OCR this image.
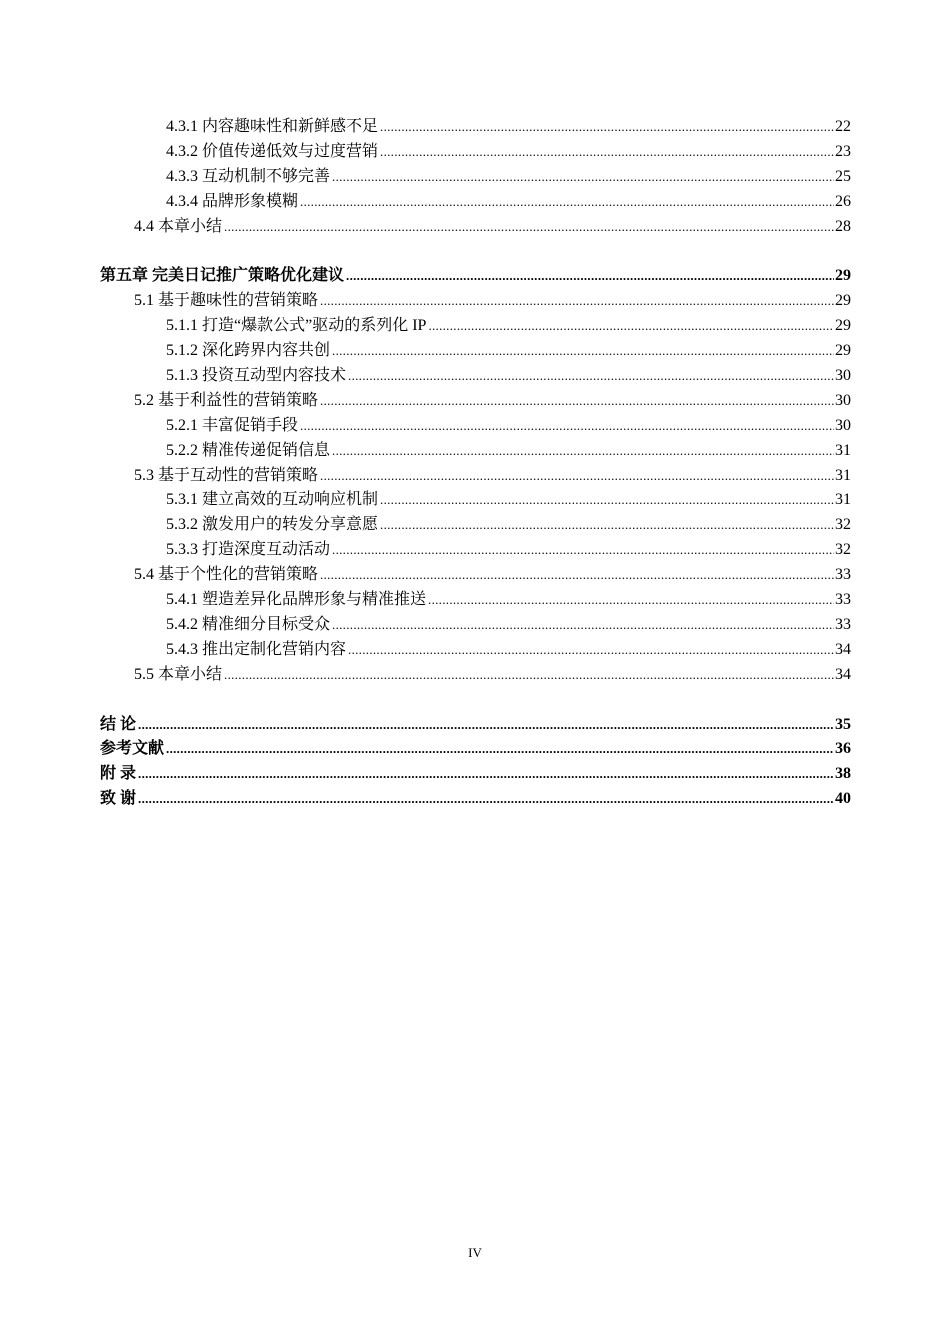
4.3.1 内容趣味性和新鲜感不足 .....	22
4.3.2 价值传递低效与过度营销 .....	23
4.3.3 互动机制不够完善 .....	25
4.3.4 品牌形象模糊 .....	26
4.4 本章小结 .....	28
第五章 完美日记推广策略优化建议 .....	29
5.1 基于趣味性的营销策略 .....	29
5.1.1 打造“爆款公式”驱动的系列化 IP .....	29
5.1.2 深化跨界内容共创 .....	29
5.1.3 投资互动型内容技术 .....	30
5.2 基于利益性的营销策略 .....	30
5.2.1 丰富促销手段 .....	30
5.2.2 精准传递促销信息 .....	31
5.3 基于互动性的营销策略 .....	31
5.3.1 建立高效的互动响应机制 .....	31
5.3.2 激发用户的转发分享意愿 .....	32
5.3.3 打造深度互动活动 .....	32
5.4 基于个性化的营销策略 .....	33
5.4.1 塑造差异化品牌形象与精准推送 .....	33
5.4.2 精准细分目标受众 .....	33
5.4.3 推出定制化营销内容 .....	34
5.5 本章小结 .....	34
结 论 .....	35
参考文献 .....	36
附 录 .....	38
致 谢 .....	40
IV
